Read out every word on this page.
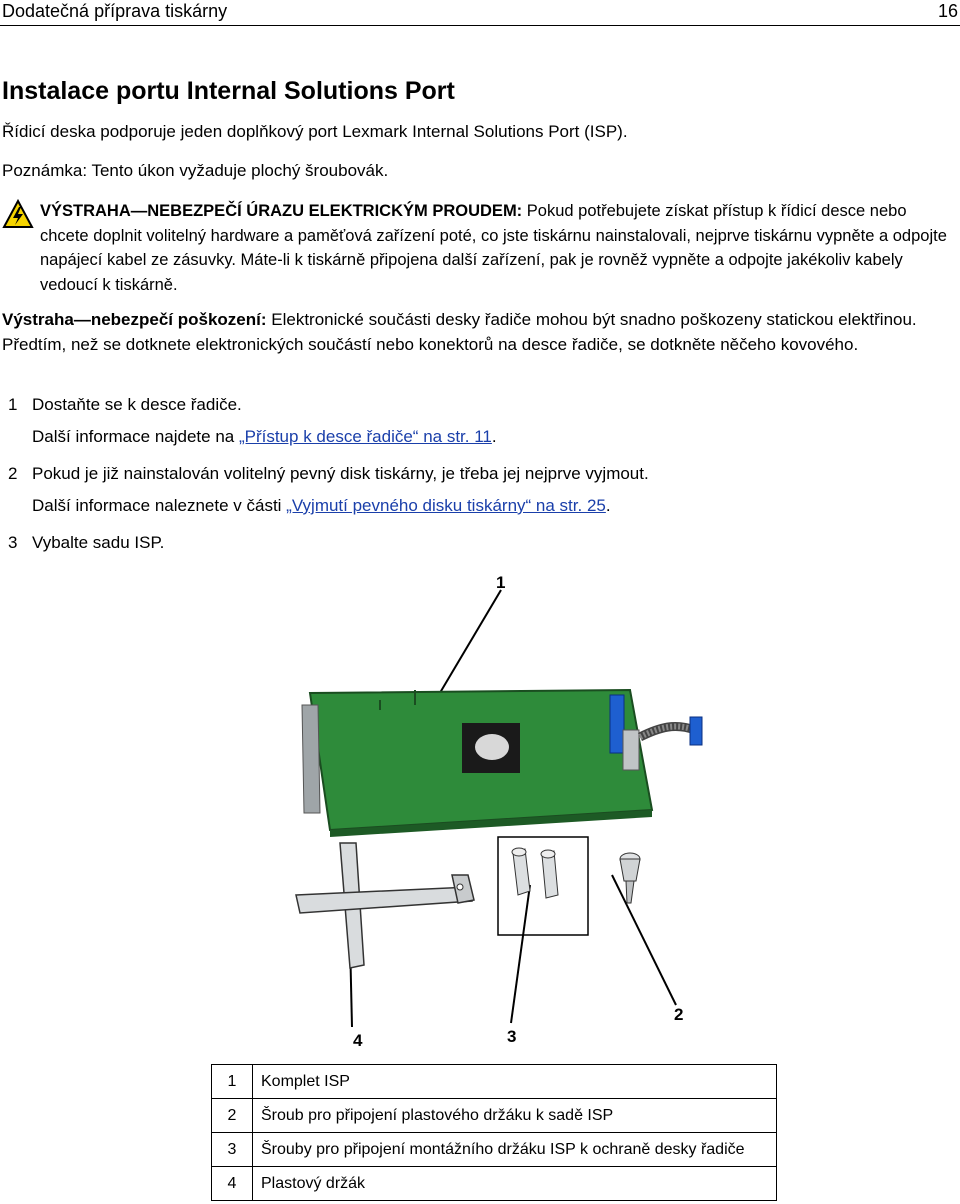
Dodatečná příprava tiskárny	16
Instalace portu Internal Solutions Port
Řídicí deska podporuje jeden doplňkový port Lexmark Internal Solutions Port (ISP).
Poznámka: Tento úkon vyžaduje plochý šroubovák.
VÝSTRAHA—NEBEZPEČÍ ÚRAZU ELEKTRICKÝM PROUDEM: Pokud potřebujete získat přístup k řídicí desce nebo chcete doplnit volitelný hardware a paměťová zařízení poté, co jste tiskárnu nainstalovali, nejprve tiskárnu vypněte a odpojte napájecí kabel ze zásuvky. Máte-li k tiskárně připojena další zařízení, pak je rovněž vypněte a odpojte jakékoliv kabely vedoucí k tiskárně.
Výstraha—nebezpečí poškození: Elektronické součásti desky řadiče mohou být snadno poškozeny statickou elektřinou. Předtím, než se dotknete elektronických součástí nebo konektorů na desce řadiče, se dotkněte něčeho kovového.
1 Dostaňte se k desce řadiče.
Další informace najdete na „Přístup k desce řadiče“ na str. 11.
2 Pokud je již nainstalován volitelný pevný disk tiskárny, je třeba jej nejprve vyjmout.
Další informace naleznete v části „Vyjmutí pevného disku tiskárny“ na str. 25.
3 Vybalte sadu ISP.
1
2
3
4
1	Komplet ISP
2	Šroub pro připojení plastového držáku k sadě ISP
3	Šrouby pro připojení montážního držáku ISP k ochraně desky řadiče
4	Plastový držák
